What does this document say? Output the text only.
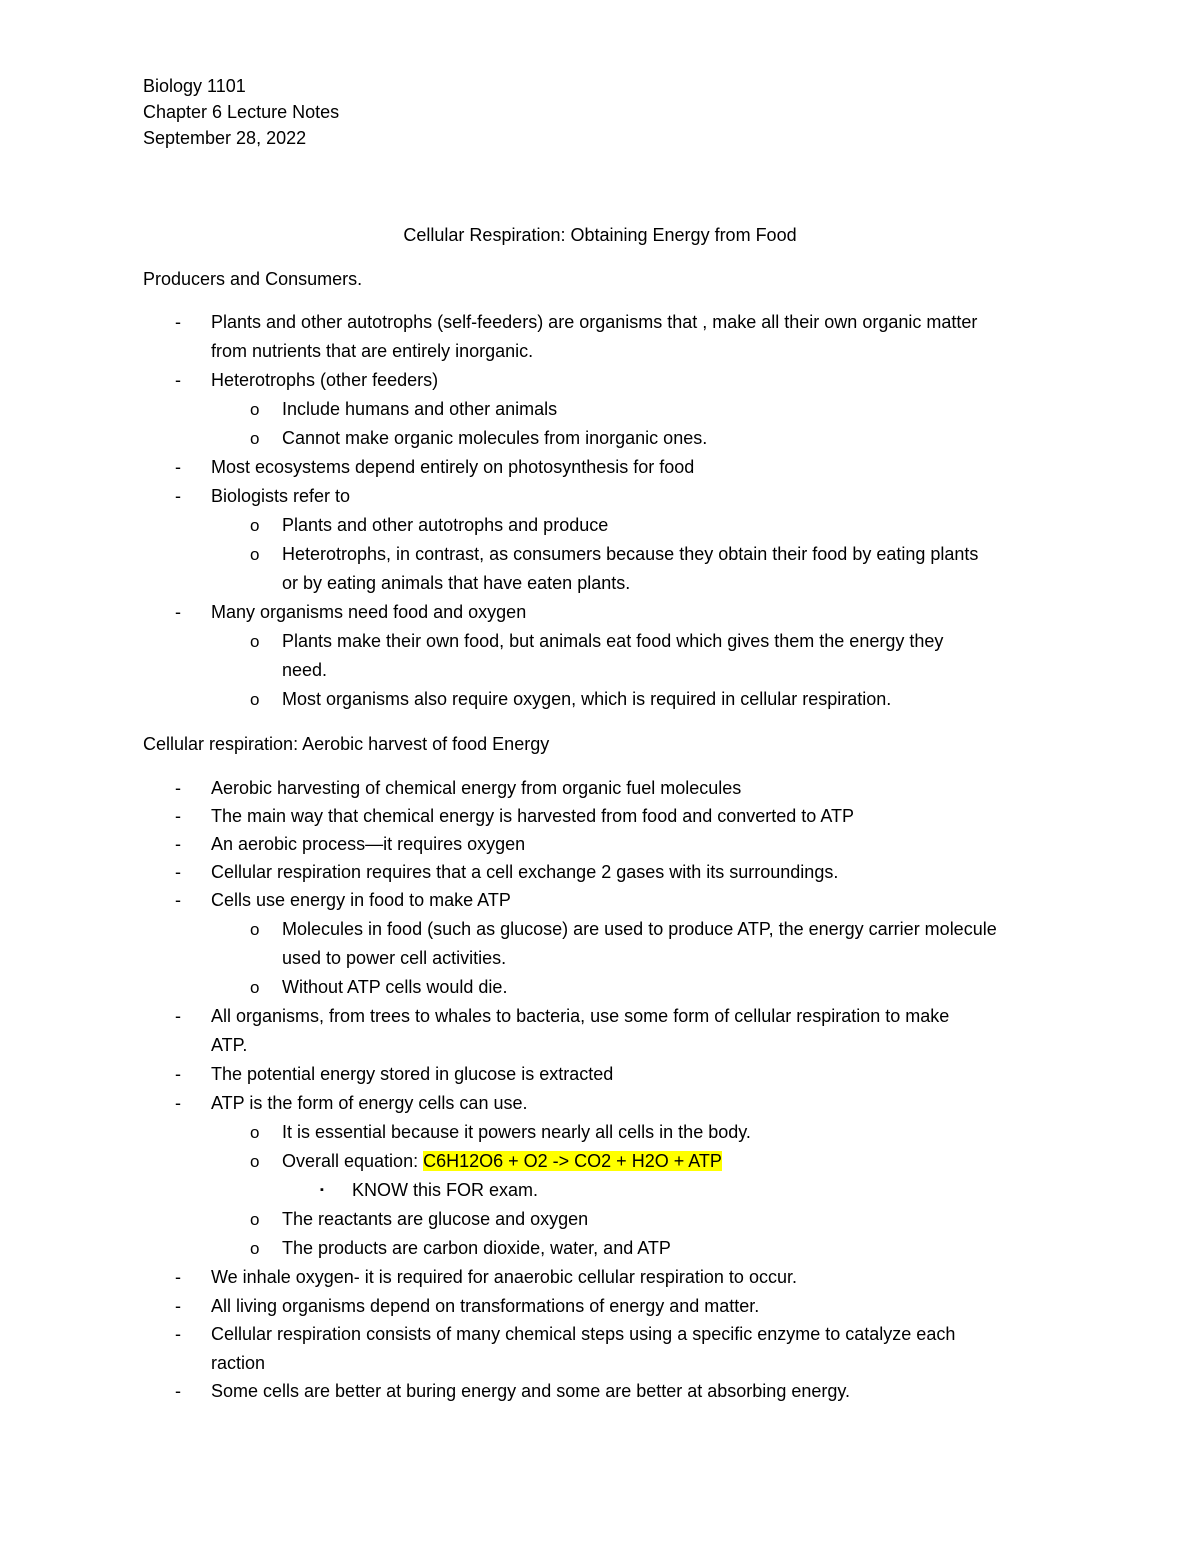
Biology 1101
Chapter 6 Lecture Notes
September 28, 2022
Cellular Respiration: Obtaining Energy from Food
Producers and Consumers.
- Plants and other autotrophs (self-feeders) are organisms that , make all their own organic matter
from nutrients that are entirely inorganic.
- Heterotrophs (other feeders)
o Include humans and other animals
o Cannot make organic molecules from inorganic ones.
- Most ecosystems depend entirely on photosynthesis for food
- Biologists refer to
o Plants and other autotrophs and produce
o Heterotrophs, in contrast, as consumers because they obtain their food by eating plants
or by eating animals that have eaten plants.
- Many organisms need food and oxygen
o Plants make their own food, but animals eat food which gives them the energy they
need.
o Most organisms also require oxygen, which is required in cellular respiration.
Cellular respiration: Aerobic harvest of food Energy
- Aerobic harvesting of chemical energy from organic fuel molecules
- The main way that chemical energy is harvested from food and converted to ATP
- An aerobic process—it requires oxygen
- Cellular respiration requires that a cell exchange 2 gases with its surroundings.
- Cells use energy in food to make ATP
o Molecules in food (such as glucose) are used to produce ATP, the energy carrier molecule
used to power cell activities.
o Without ATP cells would die.
- All organisms, from trees to whales to bacteria, use some form of cellular respiration to make
ATP.
- The potential energy stored in glucose is extracted
- ATP is the form of energy cells can use.
o It is essential because it powers nearly all cells in the body.
o Overall equation: C6H12O6 + O2 -> CO2 + H2O + ATP
▪ KNOW this FOR exam.
o The reactants are glucose and oxygen
o The products are carbon dioxide, water, and ATP
- We inhale oxygen- it is required for anaerobic cellular respiration to occur.
- All living organisms depend on transformations of energy and matter.
- Cellular respiration consists of many chemical steps using a specific enzyme to catalyze each
raction
- Some cells are better at buring energy and some are better at absorbing energy.
